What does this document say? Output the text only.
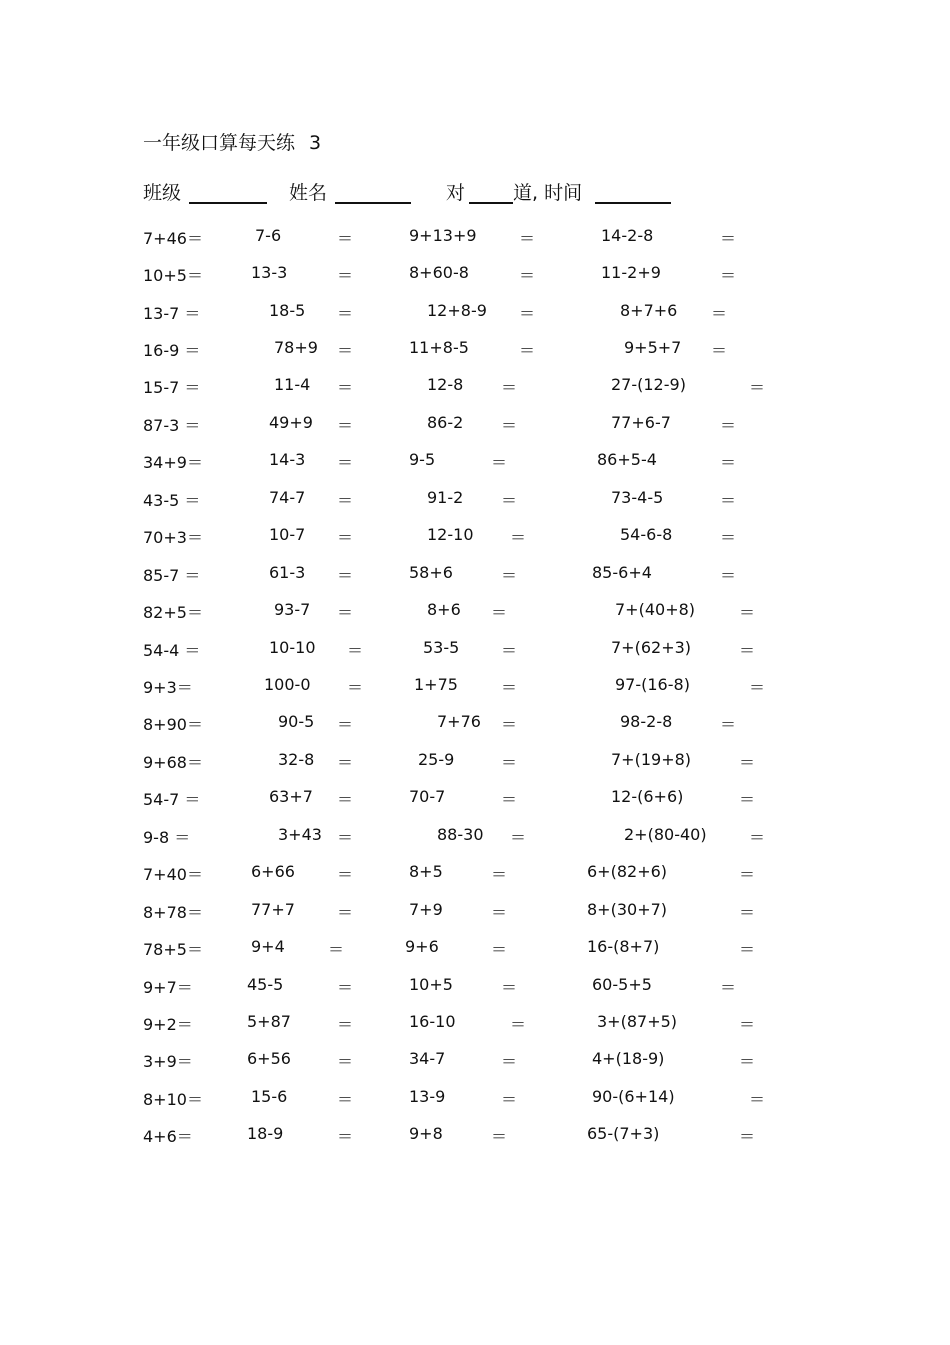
一年级口算每天练 3
班级	姓名	对	道, 时间
7+46＝	7-6	＝	9+13+9	＝	14-2-8	＝
10+5＝	13-3	＝	8+60-8	＝	11-2+9	＝
13-7 ＝	18-5 ＝	12+8-9 ＝	8+7+6 ＝
16-9 ＝	78+9 ＝	11+8-5	＝	9+5+7 ＝
15-7 ＝	11-4 ＝	12-8 ＝	27-(12-9)	＝
87-3 ＝	49+9 ＝	86-2 ＝	77+6-7	＝
34+9＝	14-3 ＝	9-5	＝	86+5-4	＝
43-5 ＝	74-7 ＝	91-2 ＝	73-4-5	＝
70+3＝	10-7 ＝	12-10 ＝	54-6-8	＝
85-7 ＝	61-3 ＝	58+6	＝	85-6+4	＝
82+5＝	93-7 ＝	8+6 ＝	7+(40+8)	＝
54-4 ＝	10-10 ＝	53-5	＝	7+(62+3)	＝
9+3＝	100-0 ＝	1+75	＝	97-(16-8)	＝
8+90＝	90-5 ＝	7+76 ＝	98-2-8	＝
9+68＝	32-8 ＝	25-9	＝	7+(19+8)	＝
54-7 ＝	63+7 ＝	70-7	＝	12-(6+6)	＝
9-8 ＝	3+43 ＝	88-30 ＝	2+(80-40)	＝
7+40＝	6+66	＝	8+5	＝	6+(82+6)	＝
8+78＝	77+7	＝	7+9	＝	8+(30+7)	＝
78+5＝	9+4	＝	9+6	＝	16-(8+7)	＝
9+7＝	45-5	＝	10+5	＝	60-5+5	＝
9+2＝	5+87	＝	16-10	＝	3+(87+5)	＝
3+9＝	6+56	＝	34-7	＝	4+(18-9)	＝
8+10＝	15-6	＝	13-9	＝	90-(6+14)	＝
4+6＝	18-9	＝	9+8	＝	65-(7+3)	＝
